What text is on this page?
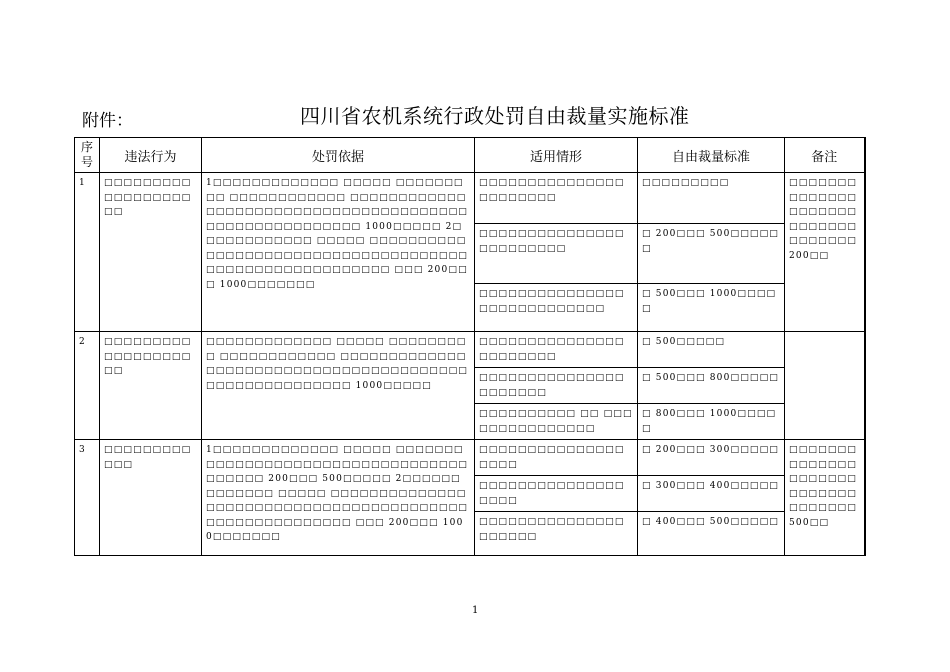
附件：	四川省农机系统行政处罚自由裁量实施标准
序号	违法行为	处罚依据	适用情形	自由裁量标准	备注
1	□□□□□□□□□□□□□□□□□□□□	1□□□□□□□□□□□□□ □□□□□ □□□□□□□□□ □□□□□□□□□□□□ □□□□□□□□□□□□□□□□□□□□□□□□□□□□□□□□□□□□□□□□□□□□□□□□□□□□□□□ 1000□□□□□ 2□□□□□□□□□□□□ □□□□□ □□□□□□□□□□□□□□□□□□□□□□□□□□□□□□□□□□□□□□□□□□□□□□□□□□□□□□□□ □□□ 200□□□ 1000□□□□□□□	□□□□□□□□□□□□□□□□□□□□□□□	□□□□□□□□□	□□□□□□□□□□□□□□□□□□□□□□□□□□□□□□□□□□□ 200□□
			□□□□□□□□□□□□□□□□□□□□□□□□	□ 200□□□ 500□□□□□□	
			□□□□□□□□□□□□□□□□□□□□□□□□□□□□	□ 500□□□ 1000□□□□□	
2	□□□□□□□□□□□□□□□□□□□□	□□□□□□□□□□□□□ □□□□□ □□□□□□□□□ □□□□□□□□□□□□ □□□□□□□□□□□□□□□□□□□□□□□□□□□□□□□□□□□□□□□□□□□□□□□□□□□□□□□ 1000□□□□□	□□□□□□□□□□□□□□□□□□□□□□□	□ 500□□□□□	
			□□□□□□□□□□□□□□□□□□□□□□	□ 500□□□ 800□□□□□	
			□□□□□□□□□□ □□ □□□□□□□□□□□□□□□	□ 800□□□ 1000□□□□□	
3	□□□□□□□□□□□□	1□□□□□□□□□□□□□ □□□□□ □□□□□□□□□□□□□□□□□□□□□□□□□□□□□□□□□□□□□□□□ 200□□□ 500□□□□□ 2□□□□□□□□□□□□□ □□□□□ □□□□□□□□□□□□□□□□□□□□□□□□□□□□□□□□□□□□□□□□□□□□□□□□□□□□□□□□ □□□ 200□□□ 1000□□□□□□□	□□□□□□□□□□□□□□□□□□□	□ 200□□□ 300□□□□□	□□□□□□□□□□□□□□□□□□□□□□□□□□□□□□□□□□□ 500□□
			□□□□□□□□□□□□□□□□□□□	□ 300□□□ 400□□□□□	
			□□□□□□□□□□□□□□□□□□□□□	□ 400□□□ 500□□□□□	
1
